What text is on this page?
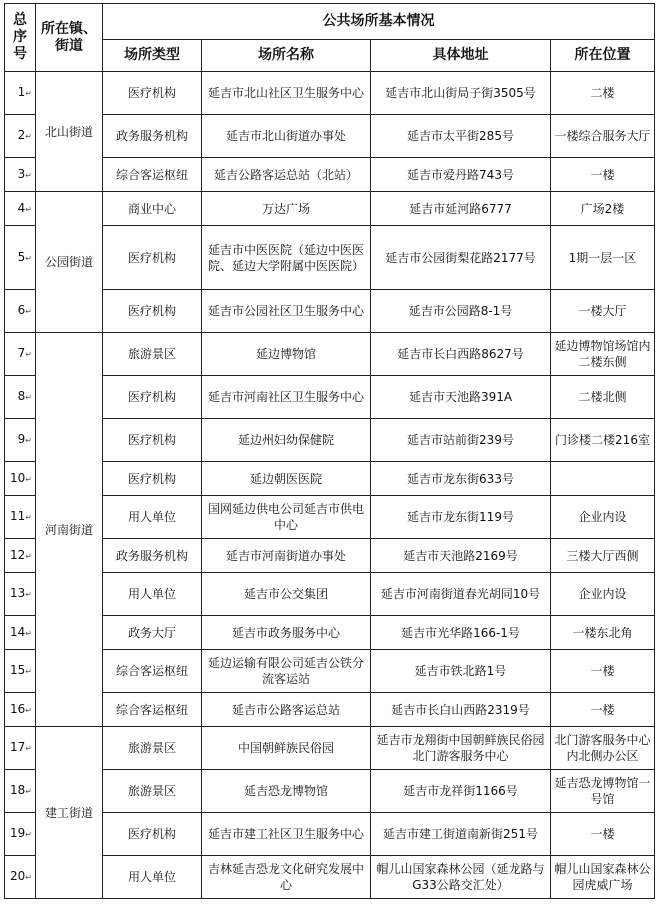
总序号	所在镇、街道	公共场所基本情况			
		场所类型	场所名称	具体地址	所在位置
1↵	北山街道	医疗机构	延吉市北山社区卫生服务中心	延吉市北山街局子街3505号	二楼
2↵		政务服务机构	延吉市北山街道办事处	延吉市太平街285号	一楼综合服务大厅
3↵		综合客运枢纽	延吉公路客运总站（北站）	延吉市爱丹路743号	一楼
4↵	公园街道	商业中心	万达广场	延吉市延河路6777	广场2楼
5↵		医疗机构	延吉市中医医院（延边中医医院、延边大学附属中医医院）	延吉市公园街梨花路2177号	1期一层一区
6↵		医疗机构	延吉市公园社区卫生服务中心	延吉市公园路8-1号	一楼大厅
7↵	河南街道	旅游景区	延边博物馆	延吉市长白西路8627号	延边博物馆场馆内二楼东侧
8↵		医疗机构	延吉市河南社区卫生服务中心	延吉市天池路391A	二楼北侧
9↵		医疗机构	延边州妇幼保健院	延吉市站前街239号	门诊楼二楼216室
10↵		医疗机构	延边朝医医院	延吉市龙东街633号	
11↵		用人单位	国网延边供电公司延吉市供电中心	延吉市龙东街119号	企业内设
12↵		政务服务机构	延吉市河南街道办事处	延吉市天池路2169号	三楼大厅西侧
13↵		用人单位	延吉市公交集团	延吉市河南街道春光胡同10号	企业内设
14↵		政务大厅	延吉市政务服务中心	延吉市光华路166-1号	一楼东北角
15↵		综合客运枢纽	延边运输有限公司延吉公铁分流客运站	延吉市铁北路1号	一楼
16↵		综合客运枢纽	延吉市公路客运总站	延吉市长白山西路2319号	一楼
17↵	建工街道	旅游景区	中国朝鲜族民俗园	延吉市龙翔街中国朝鲜族民俗园北门游客服务中心	北门游客服务中心内北侧办公区
18↵		旅游景区	延吉恐龙博物馆	延吉市龙祥街1166号	延吉恐龙博物馆一号馆
19↵		医疗机构	延吉市建工社区卫生服务中心	延吉市建工街道南新街251号	一楼
20↵		用人单位	吉林延吉恐龙文化研究发展中心	帽儿山国家森林公园（延龙路与G33公路交汇处）	帽儿山国家森林公园虎威广场
